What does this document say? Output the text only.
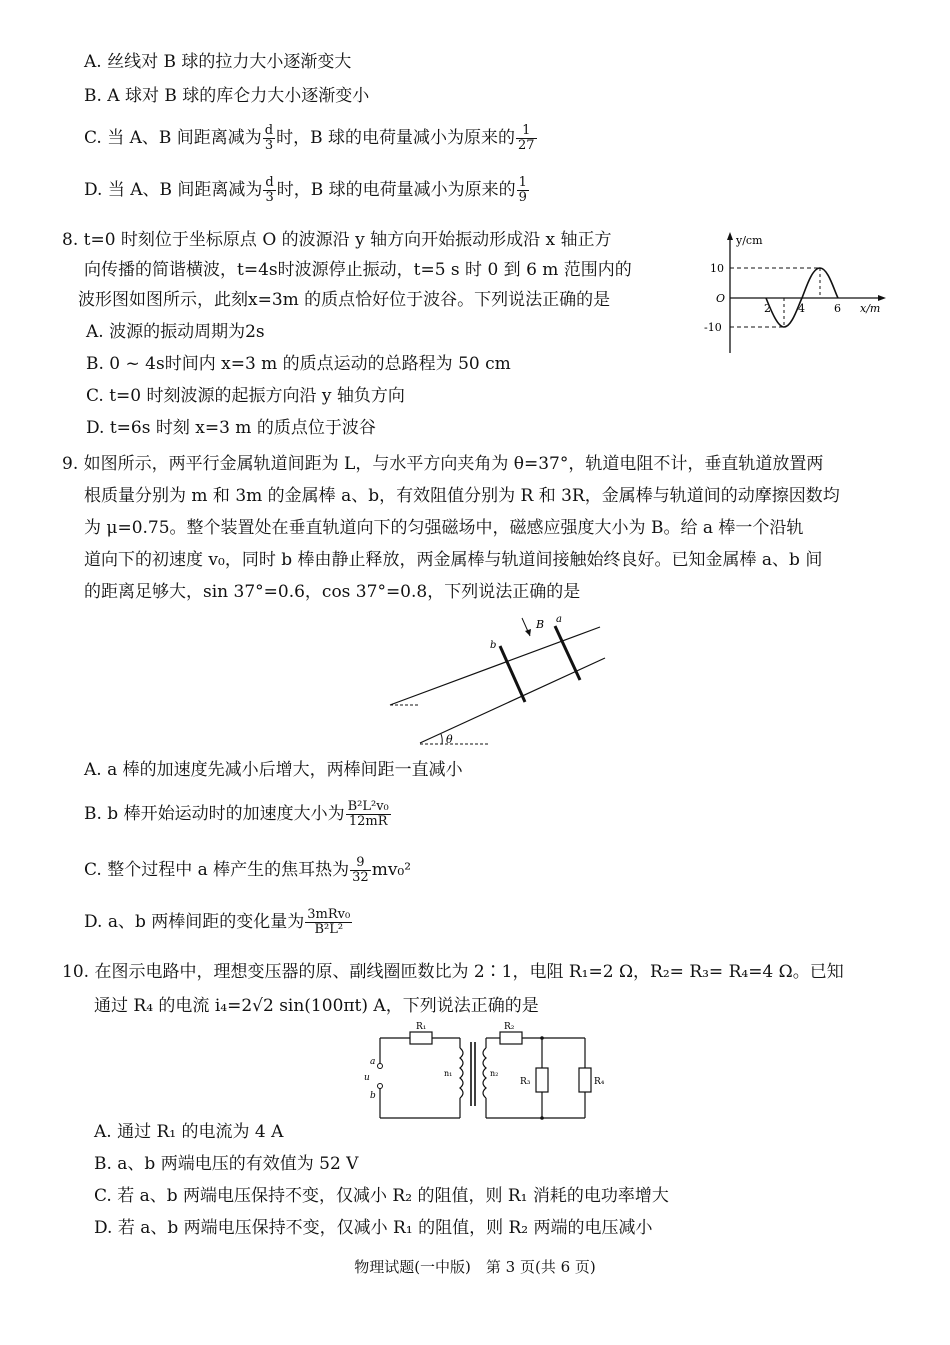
A. 丝线对 B 球的拉力大小逐渐变大
B. A 球对 B 球的库仑力大小逐渐变小
C. 当 A、B 间距离减为 $\frac{d}{3}$ 时，B 球的电荷量减小为原来的 $\frac{1}{27}$
D. 当 A、B 间距离减为 $\frac{d}{3}$ 时，B 球的电荷量减小为原来的 $\frac{1}{9}$
8. t=0 时刻位于坐标原点 O 的波源沿 y 轴方向开始振动形成沿 x 轴正方
向传播的简谐横波，t=4s时波源停止振动，t=5 s 时 0 到 6 m 范围内的
波形图如图所示，此刻x=3m 的质点恰好位于波谷。下列说法正确的是
A. 波源的振动周期为2s
B. 0 ~ 4s时间内 x=3 m 的质点运动的总路程为 50 cm
C. t=0 时刻波源的起振方向沿 y 轴负方向
D. t=6s 时刻 x=3 m 的质点位于波谷
y/cm
x/m
O
10
-10
2 4	6
9. 如图所示，两平行金属轨道间距为 L，与水平方向夹角为 θ=37°，轨道电阻不计，垂直轨道放置两
根质量分别为 m 和 3m 的金属棒 a、b，有效阻值分别为 R 和 3R，金属棒与轨道间的动摩擦因数均
为 μ=0.75。整个装置处在垂直轨道向下的匀强磁场中，磁感应强度大小为 B。给 a 棒一个沿轨
道向下的初速度 v₀，同时 b 棒由静止释放，两金属棒与轨道间接触始终良好。已知金属棒 a、b 间
的距离足够大，sin 37°=0.6，cos 37°=0.8，下列说法正确的是
θ
b
a
B
A. a 棒的加速度先减小后增大，两棒间距一直减小
B. b 棒开始运动时的加速度大小为 $\frac{\text{B²L²v₀}}{12mR}$
C. 整个过程中 a 棒产生的焦耳热为 $\frac{9}{32} mv_0^2$
D. a、b 两棒间距的变化量为 $\frac{\text{3mRv₀}}{\text{B²L²}}$
10. 在图示电路中，理想变压器的原、副线圈匝数比为 2∶1，电阻 R₁=2 Ω，R₂= R₃= R₄=4 Ω。已知
通过 R₄ 的电流 i₄=2√2 sin(100πt) A，下列说法正确的是
a
b
u
R₁
n₁	n₂
R₂
R₃	R₄
A. 通过 R₁ 的电流为 4 A
B. a、b 两端电压的有效值为 52 V
C. 若 a、b 两端电压保持不变，仅减小 R₂ 的阻值，则 R₁ 消耗的电功率增大
D. 若 a、b 两端电压保持不变，仅减小 R₁ 的阻值，则 R₂ 两端的电压减小
物理试题(一中版)　第 3 页(共 6 页)
